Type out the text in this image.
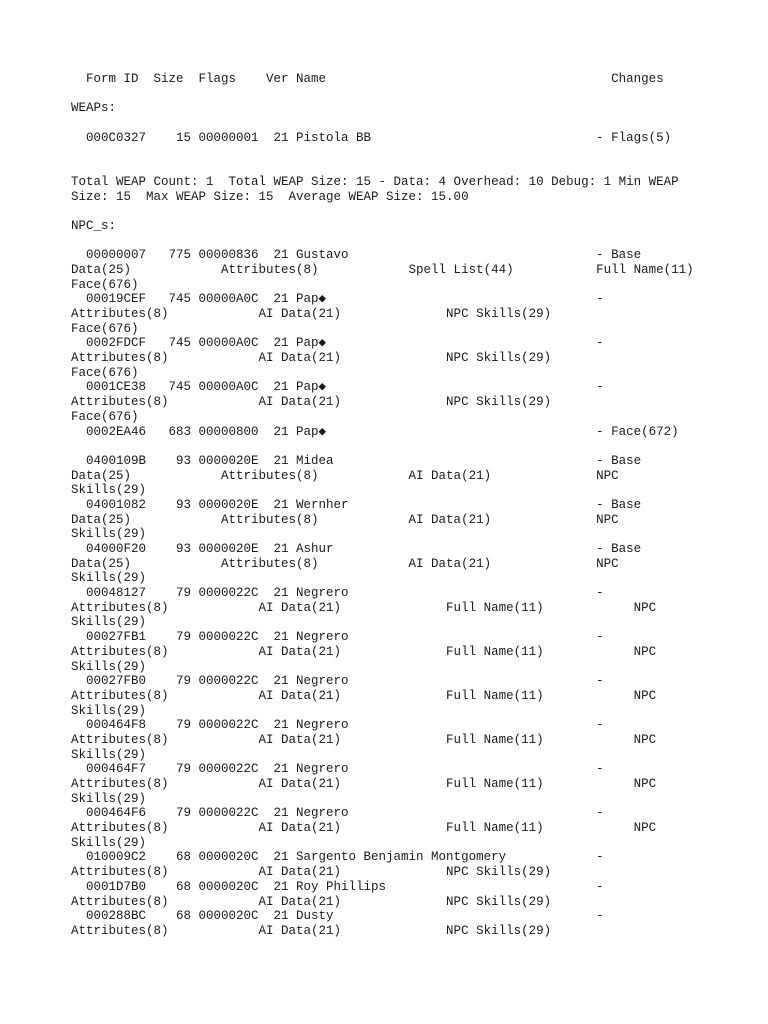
Form ID  Size  Flags    Ver Name                                      Changes
WEAPs:
000C0327    15 00000001  21 Pistola BB                              - Flags(5)
Total WEAP Count: 1  Total WEAP Size: 15 - Data: 4 Overhead: 10 Debug: 1 Min WEAP
Size: 15  Max WEAP Size: 15  Average WEAP Size: 15.00
NPC_s:
00000007   775 00000836  21 Gustavo                                 - Base
Data(25)            Attributes(8)            Spell List(44)           Full Name(11)
Face(676)
00019CEF   745 00000A0C  21 Pap◆                                    -
Attributes(8)            AI Data(21)              NPC Skills(29)
Face(676)
0002FDCF   745 00000A0C  21 Pap◆                                    -
Attributes(8)            AI Data(21)              NPC Skills(29)
Face(676)
0001CE38   745 00000A0C  21 Pap◆                                    -
Attributes(8)            AI Data(21)              NPC Skills(29)
Face(676)
0002EA46   683 00000800  21 Pap◆                                    - Face(672)
0400109B    93 0000020E  21 Midea                                   - Base
Data(25)            Attributes(8)            AI Data(21)              NPC
Skills(29)
04001082    93 0000020E  21 Wernher                                 - Base
Data(25)            Attributes(8)            AI Data(21)              NPC
Skills(29)
04000F20    93 0000020E  21 Ashur                                   - Base
Data(25)            Attributes(8)            AI Data(21)              NPC
Skills(29)
00048127    79 0000022C  21 Negrero                                 -
Attributes(8)            AI Data(21)              Full Name(11)            NPC
Skills(29)
00027FB1    79 0000022C  21 Negrero                                 -
Attributes(8)            AI Data(21)              Full Name(11)            NPC
Skills(29)
00027FB0    79 0000022C  21 Negrero                                 -
Attributes(8)            AI Data(21)              Full Name(11)            NPC
Skills(29)
000464F8    79 0000022C  21 Negrero                                 -
Attributes(8)            AI Data(21)              Full Name(11)            NPC
Skills(29)
000464F7    79 0000022C  21 Negrero                                 -
Attributes(8)            AI Data(21)              Full Name(11)            NPC
Skills(29)
000464F6    79 0000022C  21 Negrero                                 -
Attributes(8)            AI Data(21)              Full Name(11)            NPC
Skills(29)
010009C2    68 0000020C  21 Sargento Benjamin Montgomery            -
Attributes(8)            AI Data(21)              NPC Skills(29)
0001D7B0    68 0000020C  21 Roy Phillips                            -
Attributes(8)            AI Data(21)              NPC Skills(29)
000288BC    68 0000020C  21 Dusty                                   -
Attributes(8)            AI Data(21)              NPC Skills(29)
